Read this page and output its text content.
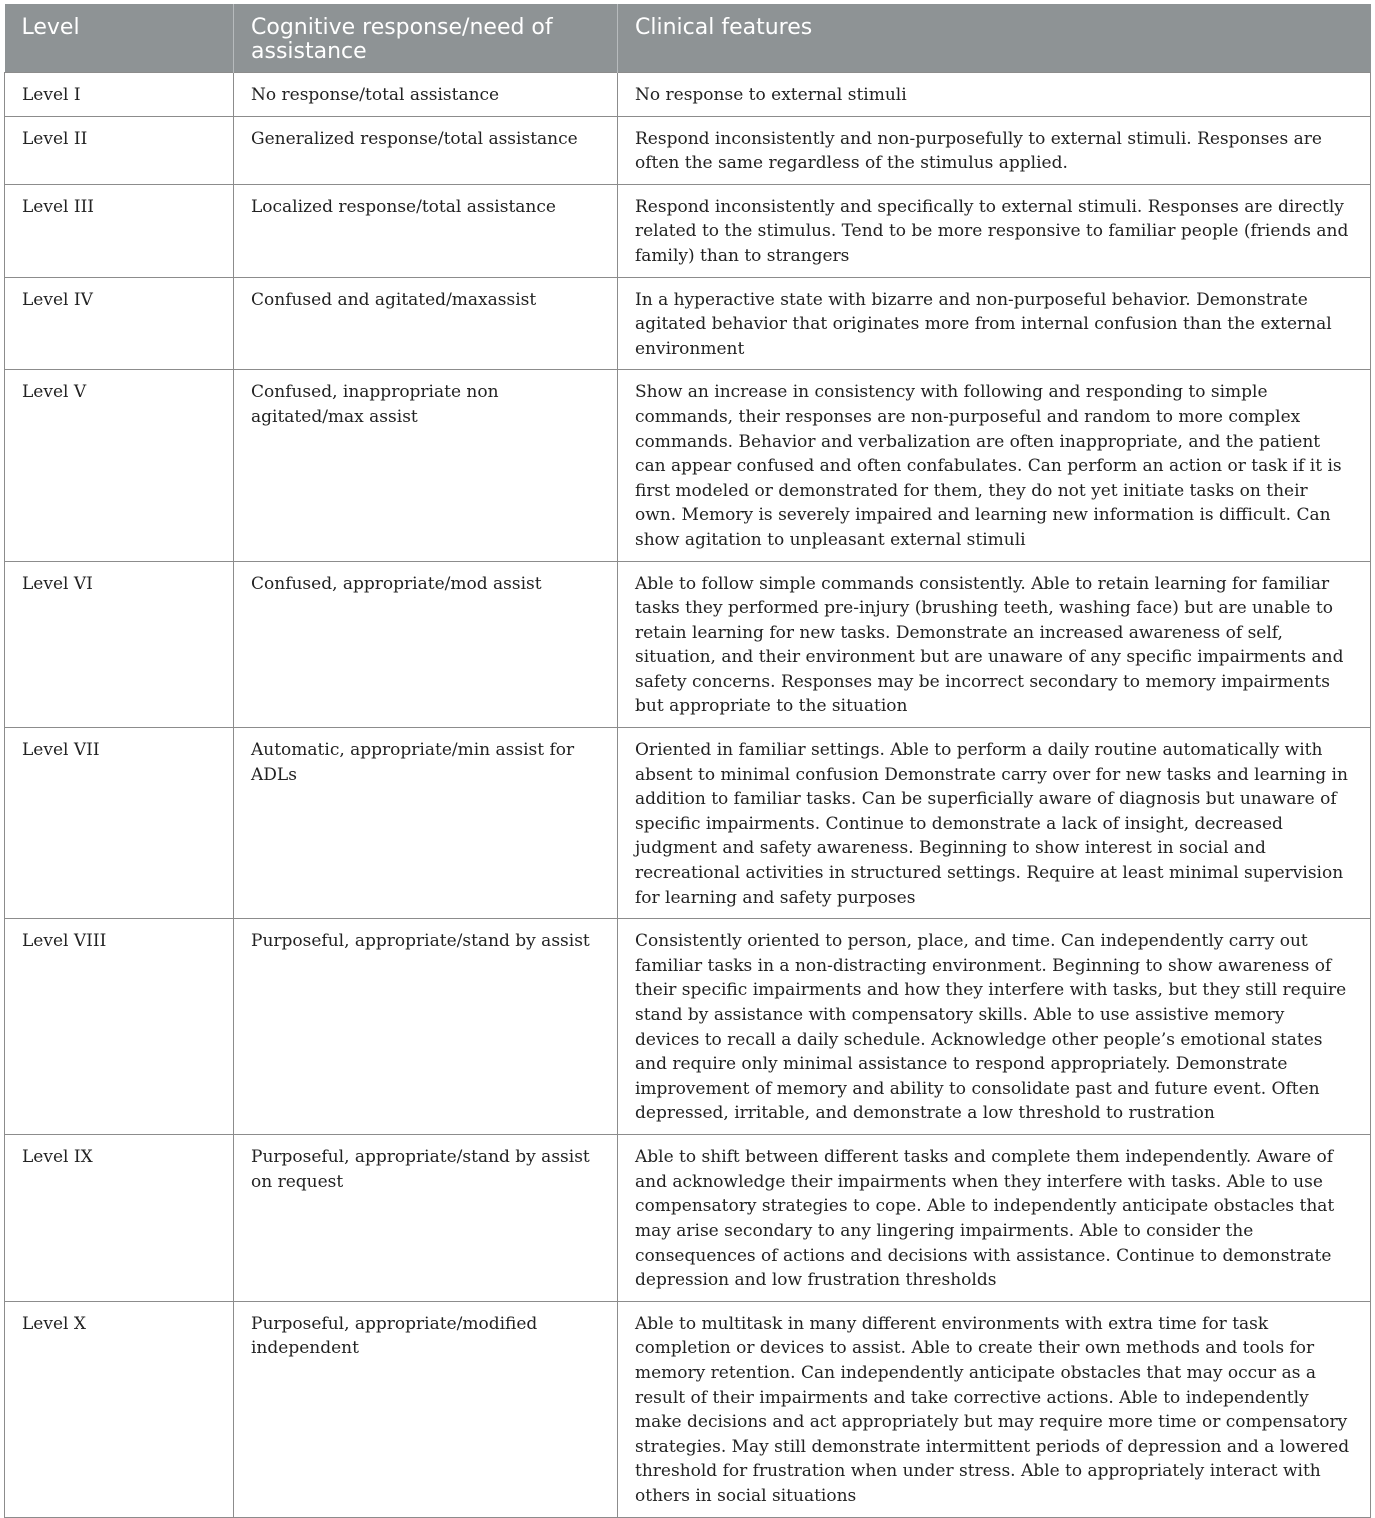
Level	Cognitive response/need of assistance	Clinical features
Level I	No response/total assistance	No response to external stimuli
Level II	Generalized response/total assistance	Respond inconsistently and non-purposefully to external stimuli. Responses are often the same regardless of the stimulus applied.
Level III	Localized response/total assistance	Respond inconsistently and specifically to external stimuli. Responses are directly related to the stimulus. Tend to be more responsive to familiar people (friends and family) than to strangers
Level IV	Confused and agitated/maxassist	In a hyperactive state with bizarre and non-purposeful behavior. Demonstrate agitated behavior that originates more from internal confusion than the external environment
Level V	Confused, inappropriate non agitated/max assist	Show an increase in consistency with following and responding to simple commands, their responses are non-purposeful and random to more complex commands. Behavior and verbalization are often inappropriate, and the patient can appear confused and often confabulates. Can perform an action or task if it is first modeled or demonstrated for them, they do not yet initiate tasks on their own. Memory is severely impaired and learning new information is difficult. Can show agitation to unpleasant external stimuli
Level VI	Confused, appropriate/mod assist	Able to follow simple commands consistently. Able to retain learning for familiar tasks they performed pre-injury (brushing teeth, washing face) but are unable to retain learning for new tasks. Demonstrate an increased awareness of self, situation, and their environment but are unaware of any specific impairments and safety concerns. Responses may be incorrect secondary to memory impairments but appropriate to the situation
Level VII	Automatic, appropriate/min assist for ADLs	Oriented in familiar settings. Able to perform a daily routine automatically with absent to minimal confusion Demonstrate carry over for new tasks and learning in addition to familiar tasks. Can be superficially aware of diagnosis but unaware of specific impairments. Continue to demonstrate a lack of insight, decreased judgment and safety awareness. Beginning to show interest in social and recreational activities in structured settings. Require at least minimal supervision for learning and safety purposes
Level VIII	Purposeful, appropriate/stand by assist	Consistently oriented to person, place, and time. Can independently carry out familiar tasks in a non-distracting environment. Beginning to show awareness of their specific impairments and how they interfere with tasks, but they still require stand by assistance with compensatory skills. Able to use assistive memory devices to recall a daily schedule. Acknowledge other people’s emotional states and require only minimal assistance to respond appropriately. Demonstrate improvement of memory and ability to consolidate past and future event. Often depressed, irritable, and demonstrate a low threshold to rustration
Level IX	Purposeful, appropriate/stand by assist on request	Able to shift between different tasks and complete them independently. Aware of and acknowledge their impairments when they interfere with tasks. Able to use compensatory strategies to cope. Able to independently anticipate obstacles that may arise secondary to any lingering impairments. Able to consider the consequences of actions and decisions with assistance. Continue to demonstrate depression and low frustration thresholds
Level X	Purposeful, appropriate/modified independent	Able to multitask in many different environments with extra time for task completion or devices to assist. Able to create their own methods and tools for memory retention. Can independently anticipate obstacles that may occur as a result of their impairments and take corrective actions. Able to independently make decisions and act appropriately but may require more time or compensatory strategies. May still demonstrate intermittent periods of depression and a lowered threshold for frustration when under stress. Able to appropriately interact with others in social situations
